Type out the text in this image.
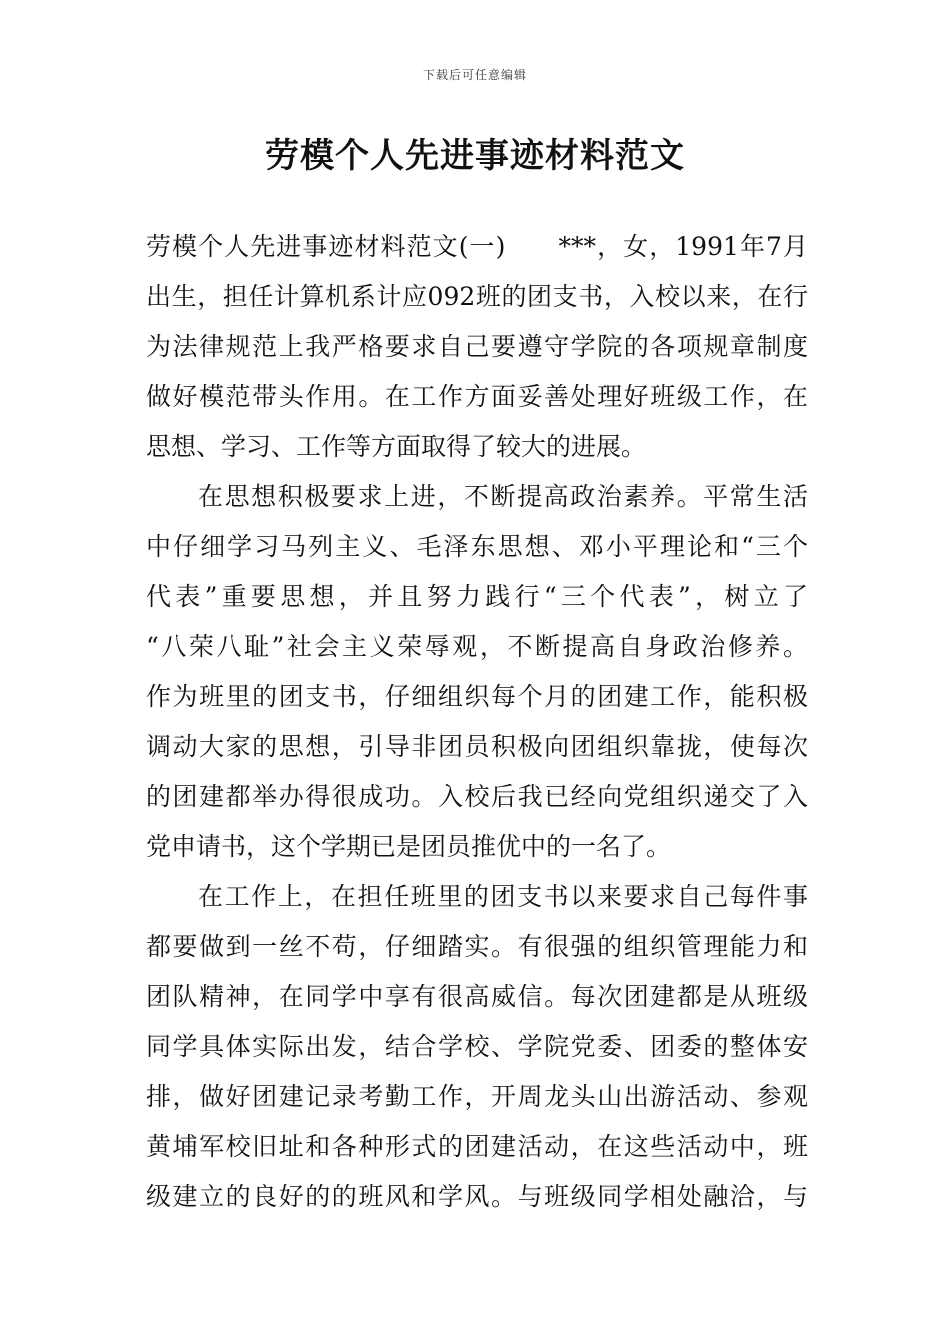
下载后可任意编辑
劳模个人先进事迹材料范文
劳模个人先进事迹材料范文(一)　　***，女，1991年7月
出生，担任计算机系计应092班的团支书，入校以来，在行
为法律规范上我严格要求自己要遵守学院的各项规章制度
做好模范带头作用。在工作方面妥善处理好班级工作，在
思想、学习、工作等方面取得了较大的进展。
在思想积极要求上进，不断提高政治素养。平常生活
中仔细学习马列主义、毛泽东思想、邓小平理论和“三个
代表”重要思想，并且努力践行“三个代表”，树立了
“八荣八耻”社会主义荣辱观，不断提高自身政治修养。
作为班里的团支书，仔细组织每个月的团建工作，能积极
调动大家的思想，引导非团员积极向团组织靠拢，使每次
的团建都举办得很成功。入校后我已经向党组织递交了入
党申请书，这个学期已是团员推优中的一名了。
在工作上，在担任班里的团支书以来要求自己每件事
都要做到一丝不苟，仔细踏实。有很强的组织管理能力和
团队精神，在同学中享有很高威信。每次团建都是从班级
同学具体实际出发，结合学校、学院党委、团委的整体安
排，做好团建记录考勤工作，开周龙头山出游活动、参观
黄埔军校旧址和各种形式的团建活动，在这些活动中，班
级建立的良好的的班风和学风。与班级同学相处融洽，与
